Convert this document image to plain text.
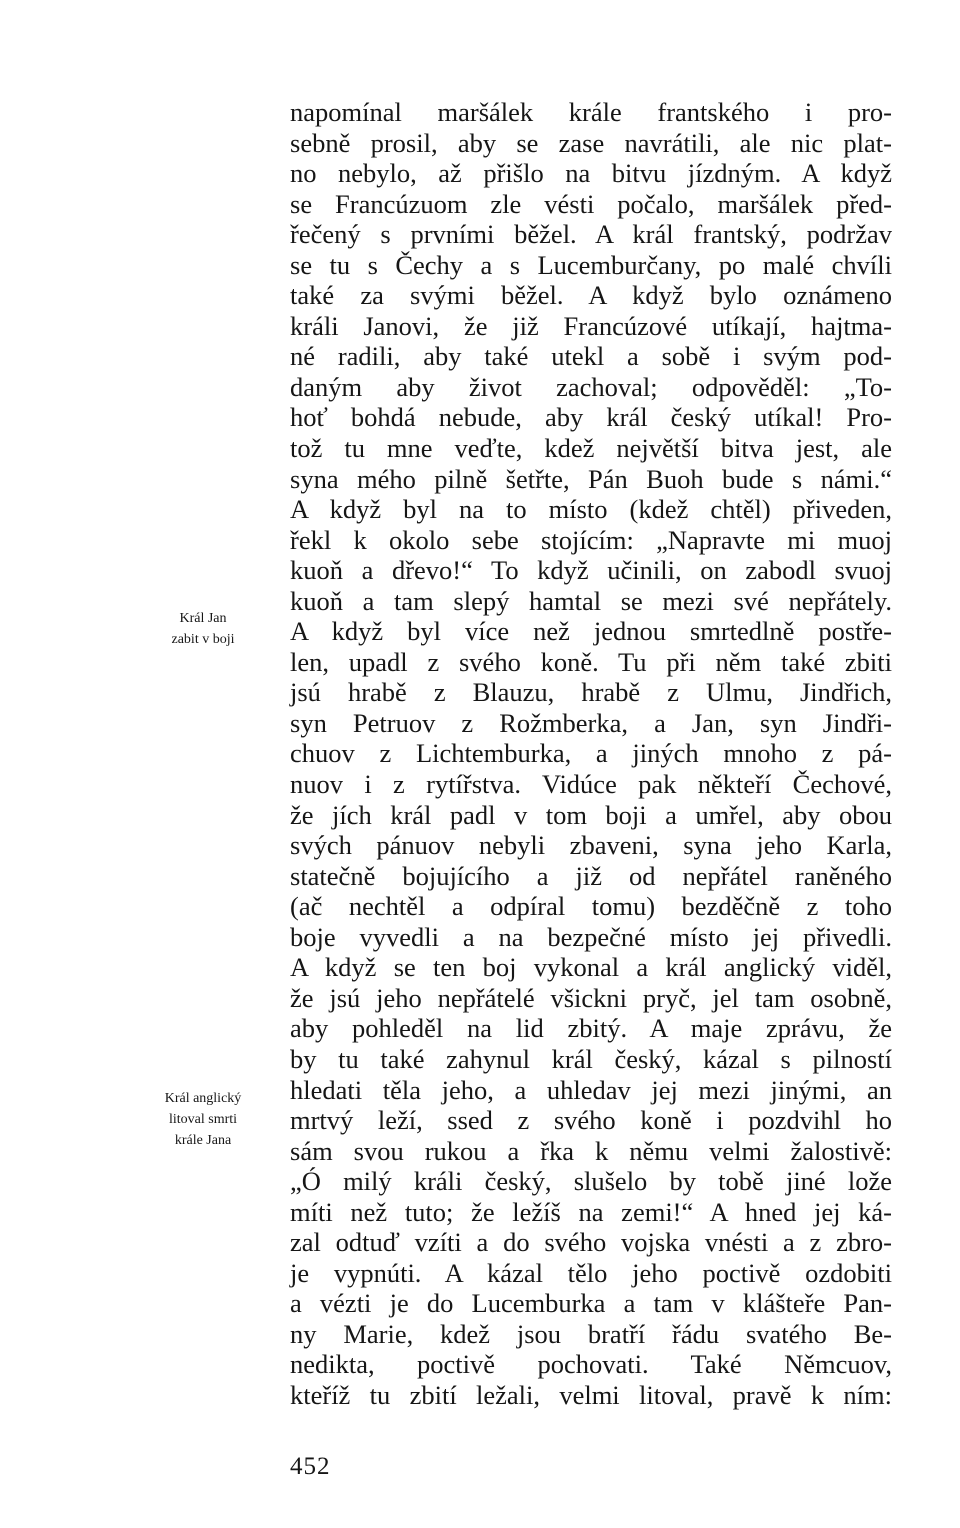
Král Jan
zabit v boji
Král anglický
litoval smrti
krále Jana
napomínal maršálek krále frantského i pro-
sebně prosil, aby se zase navrátili, ale nic plat-
no nebylo, až přišlo na bitvu jízdným. A když
se Francúzuom zle vésti počalo, maršálek před-
řečený s prvními běžel. A král frantský, podržav
se tu s Čechy a s Lucemburčany, po malé chvíli
také za svými běžel. A když bylo oznámeno
králi Janovi, že již Francúzové utíkají, hajtma-
né radili, aby také utekl a sobě i svým pod-
daným aby život zachoval; odpověděl: „To-
hoť bohdá nebude, aby král český utíkal! Pro-
tož tu mne veďte, kdež největší bitva jest, ale
syna mého pilně šetřte, Pán Buoh bude s námi.“
A když byl na to místo (kdež chtěl) přiveden,
řekl k okolo sebe stojícím: „Napravte mi muoj
kuoň a dřevo!“ To když učinili, on zabodl svuoj
kuoň a tam slepý hamtal se mezi své nepřátely.
A když byl více než jednou smrtedlně postře-
len, upadl z svého koně. Tu při něm také zbiti
jsú hrabě z Blauzu, hrabě z Ulmu, Jindřich,
syn Petruov z Rožmberka, a Jan, syn Jindři-
chuov z Lichtemburka, a jiných mnoho z pá-
nuov i z rytířstva. Vidúce pak někteří Čechové,
že jích král padl v tom boji a umřel, aby obou
svých pánuov nebyli zbaveni, syna jeho Karla,
statečně bojujícího a již od nepřátel raněného
(ač nechtěl a odpíral tomu) bezděčně z toho
boje vyvedli a na bezpečné místo jej přivedli.
A když se ten boj vykonal a král anglický viděl,
že jsú jeho nepřátelé všickni pryč, jel tam osobně,
aby pohleděl na lid zbitý. A maje zprávu, že
by tu také zahynul král český, kázal s pilností
hledati těla jeho, a uhledav jej mezi jinými, an
mrtvý leží, ssed z svého koně i pozdvihl ho
sám svou rukou a řka k němu velmi žalostivě:
„Ó milý králi český, slušelo by tobě jiné lože
míti než tuto; že ležíš na zemi!“ A hned jej ká-
zal odtuď vzíti a do svého vojska vnésti a z zbro-
je vypnúti. A kázal tělo jeho poctivě ozdobiti
a vézti je do Lucemburka a tam v klášteře Pan-
ny Marie, kdež jsou bratří řádu svatého Be-
nedikta, poctivě pochovati. Také Němcuov,
kteříž tu zbití ležali, velmi litoval, pravě k ním:
452
